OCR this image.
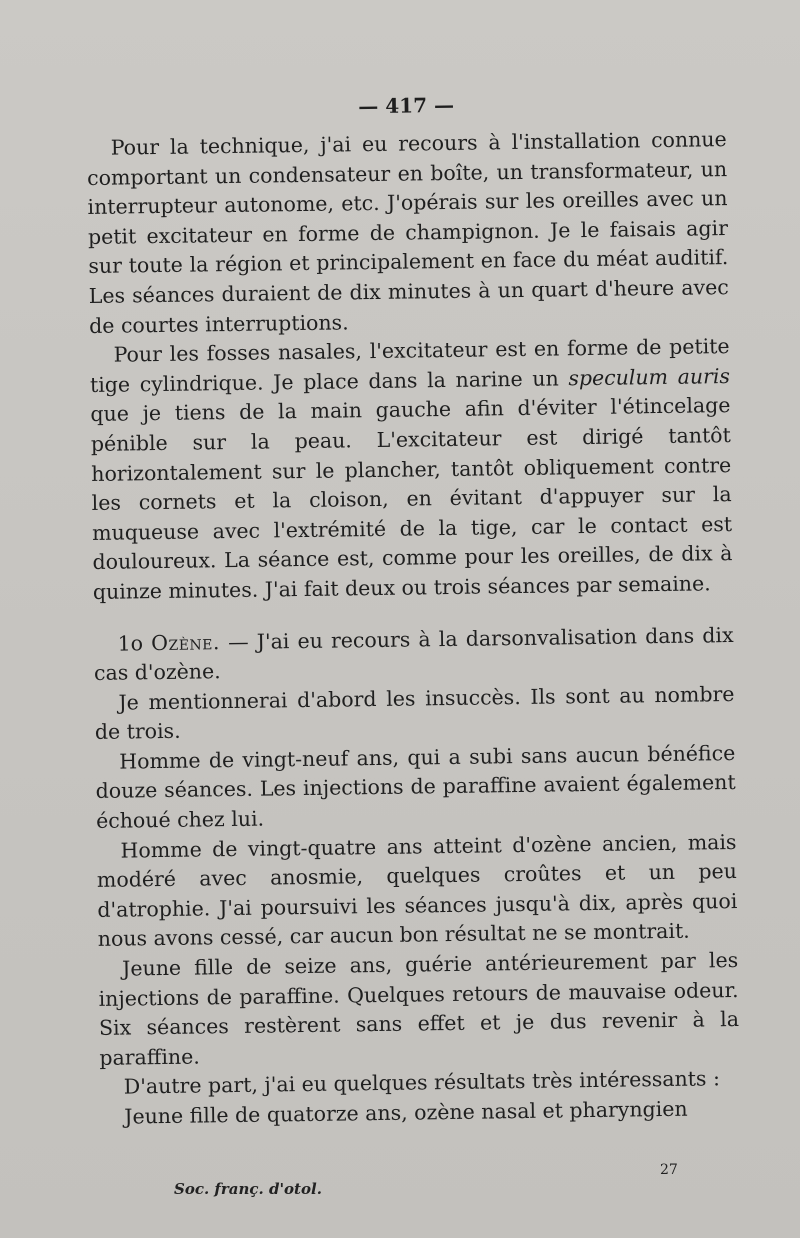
— 417 —

Pour la technique, j'ai eu recours à l'installation connue comportant un condensateur en boîte, un transformateur, un interrupteur autonome, etc. J'opérais sur les oreilles avec un petit excitateur en forme de champignon. Je le faisais agir sur toute la région et principalement en face du méat auditif. Les séances duraient de dix minutes à un quart d'heure avec de courtes interruptions.

Pour les fosses nasales, l'excitateur est en forme de petite tige cylindrique. Je place dans la narine un speculum auris que je tiens de la main gauche afin d'éviter l'étincelage pénible sur la peau. L'excitateur est dirigé tantôt horizontalement sur le plancher, tantôt obliquement contre les cornets et la cloison, en évitant d'appuyer sur la muqueuse avec l'extrémité de la tige, car le contact est douloureux. La séance est, comme pour les oreilles, de dix à quinze minutes. J'ai fait deux ou trois séances par semaine.

1o Ozène. — J'ai eu recours à la darsonvalisation dans dix cas d'ozène.

Je mentionnerai d'abord les insuccès. Ils sont au nombre de trois.

Homme de vingt-neuf ans, qui a subi sans aucun bénéfice douze séances. Les injections de paraffine avaient également échoué chez lui.

Homme de vingt-quatre ans atteint d'ozène ancien, mais modéré avec anosmie, quelques croûtes et un peu d'atrophie. J'ai poursuivi les séances jusqu'à dix, après quoi nous avons cessé, car aucun bon résultat ne se montrait.

Jeune fille de seize ans, guérie antérieurement par les injections de paraffine. Quelques retours de mauvaise odeur. Six séances restèrent sans effet et je dus revenir à la paraffine.

D'autre part, j'ai eu quelques résultats très intéressants :

Jeune fille de quatorze ans, ozène nasal et pharyngien

27
Soc. franç. d'otol.
